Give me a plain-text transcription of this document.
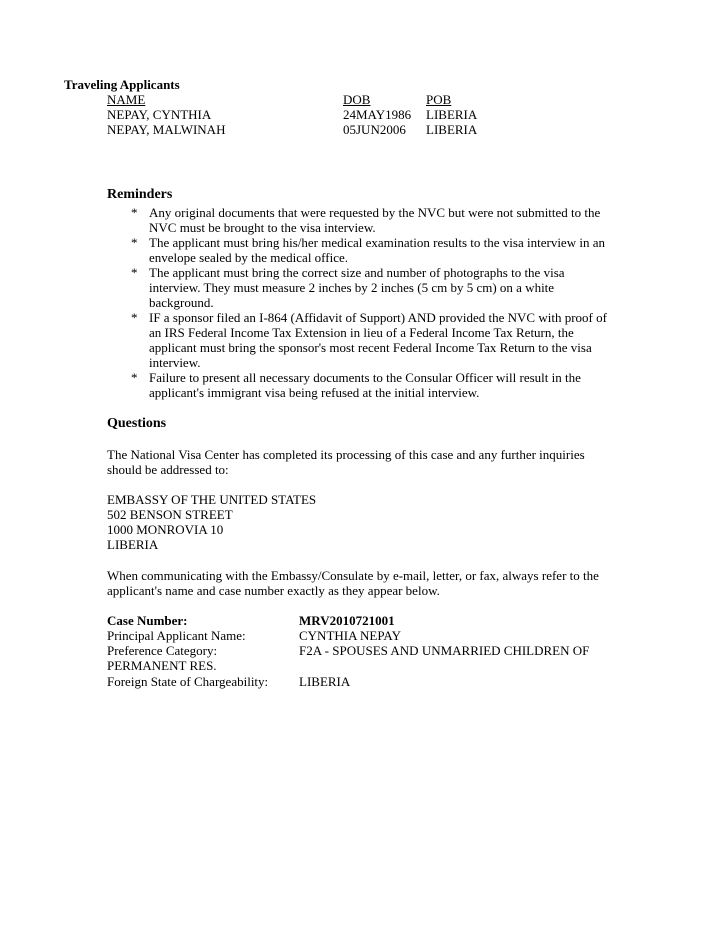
Traveling Applicants
NAME	DOB	POB
NEPAY, CYNTHIA	24MAY1986 LIBERIA
NEPAY, MALWINAH	05JUN2006 LIBERIA
Reminders
* Any original documents that were requested by the NVC but were not submitted to the
NVC must be brought to the visa interview.
* The applicant must bring his/her medical examination results to the visa interview in an
envelope sealed by the medical office.
* The applicant must bring the correct size and number of photographs to the visa
interview. They must measure 2 inches by 2 inches (5 cm by 5 cm) on a white
background.
* IF a sponsor filed an I-864 (Affidavit of Support) AND provided the NVC with proof of
an IRS Federal Income Tax Extension in lieu of a Federal Income Tax Return, the
applicant must bring the sponsor's most recent Federal Income Tax Return to the visa
interview.
* Failure to present all necessary documents to the Consular Officer will result in the
applicant's immigrant visa being refused at the initial interview.
Questions
The National Visa Center has completed its processing of this case and any further inquiries
should be addressed to:
EMBASSY OF THE UNITED STATES
502 BENSON STREET
1000 MONROVIA 10
LIBERIA
When communicating with the Embassy/Consulate by e-mail, letter, or fax, always refer to the
applicant's name and case number exactly as they appear below.
Case Number:	MRV2010721001
Principal Applicant Name:	CYNTHIA NEPAY
Preference Category:	F2A - SPOUSES AND UNMARRIED CHILDREN OF
PERMANENT RES.
Foreign State of Chargeability: LIBERIA
